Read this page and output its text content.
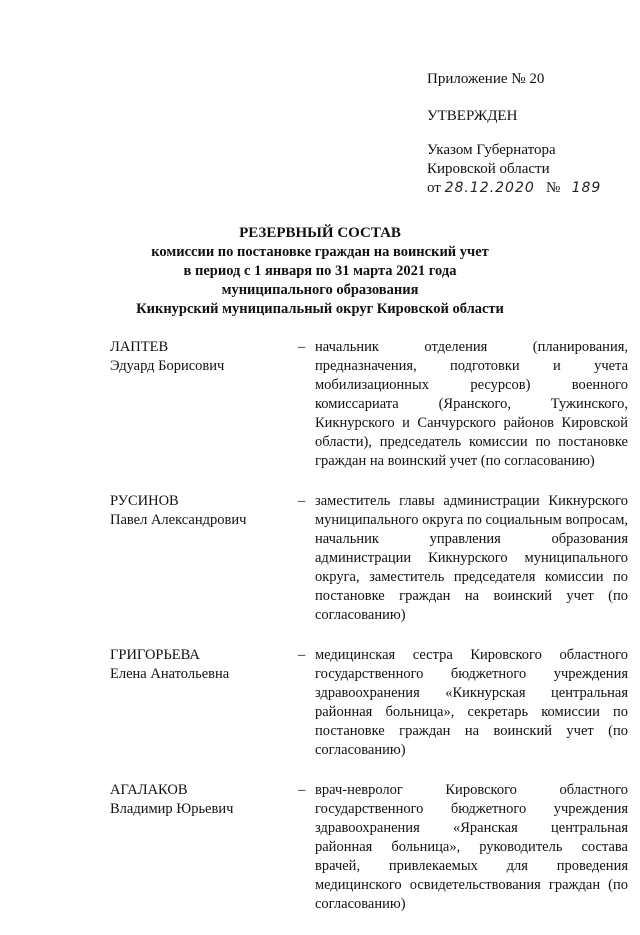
Приложение № 20
УТВЕРЖДЕН
Указом Губернатора
Кировской области
от 28.12.2020 № 189
РЕЗЕРВНЫЙ СОСТАВ
комиссии по постановке граждан на воинский учет
в период с 1 января по 31 марта 2021 года
муниципального образования
Кикнурский муниципальный округ Кировской области
ЛАПТЕВ
Эдуард Борисович
– начальник отделения (планирования, предназначения, подготовки и учета мобилизационных ресурсов) военного комиссариата (Яранского, Тужинского, Кикнурского и Санчурского районов Кировской области), председатель комиссии по постановке граждан на воинский учет (по согласованию)
РУСИНОВ
Павел Александрович
– заместитель главы администрации Кикнурского муниципального округа по социальным вопросам, начальник управления образования администрации Кикнурского муниципального округа, заместитель председателя комиссии по постановке граждан на воинский учет (по согласованию)
ГРИГОРЬЕВА
Елена Анатольевна
– медицинская сестра Кировского областного государственного бюджетного учреждения здравоохранения «Кикнурская центральная районная больница», секретарь комиссии по постановке граждан на воинский учет (по согласованию)
АГАЛАКОВ
Владимир Юрьевич
– врач-невролог Кировского областного государственного бюджетного учреждения здравоохранения «Яранская центральная районная больница», руководитель состава врачей, привлекаемых для проведения медицинского освидетельствования граждан (по согласованию)
